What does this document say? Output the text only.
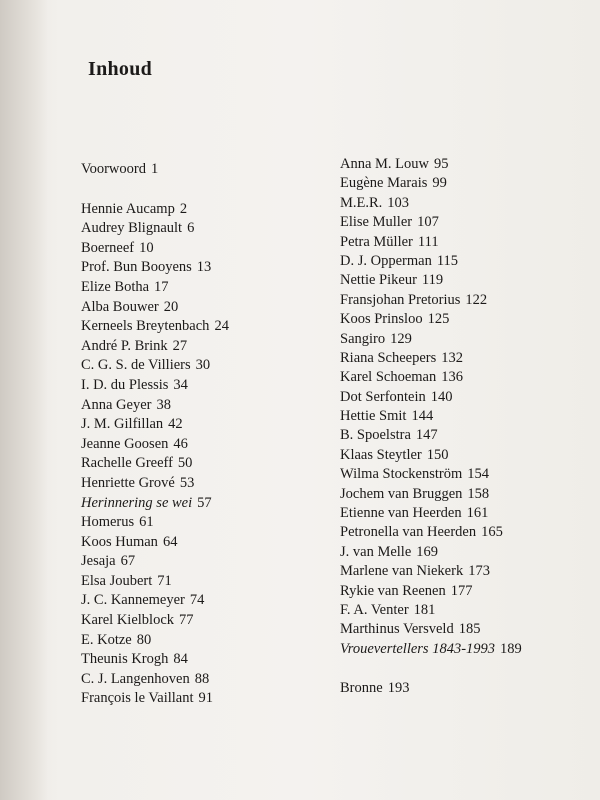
Inhoud
Voorwoord 1
Hennie Aucamp 2
Audrey Blignault 6
Boerneef 10
Prof. Bun Booyens 13
Elize Botha 17
Alba Bouwer 20
Kerneels Breytenbach 24
André P. Brink 27
C. G. S. de Villiers 30
I. D. du Plessis 34
Anna Geyer 38
J. M. Gilfillan 42
Jeanne Goosen 46
Rachelle Greeff 50
Henriette Grové 53
Herinnering se wei 57
Homerus 61
Koos Human 64
Jesaja 67
Elsa Joubert 71
J. C. Kannemeyer 74
Karel Kielblock 77
E. Kotze 80
Theunis Krogh 84
C. J. Langenhoven 88
François le Vaillant 91
Anna M. Louw 95
Eugène Marais 99
M.E.R. 103
Elise Muller 107
Petra Müller 111
D. J. Opperman 115
Nettie Pikeur 119
Fransjohan Pretorius 122
Koos Prinsloo 125
Sangiro 129
Riana Scheepers 132
Karel Schoeman 136
Dot Serfontein 140
Hettie Smit 144
B. Spoelstra 147
Klaas Steytler 150
Wilma Stockenström 154
Jochem van Bruggen 158
Etienne van Heerden 161
Petronella van Heerden 165
J. van Melle 169
Marlene van Niekerk 173
Rykie van Reenen 177
F. A. Venter 181
Marthinus Versveld 185
Vrouevertellers 1843-1993 189
Bronne 193
